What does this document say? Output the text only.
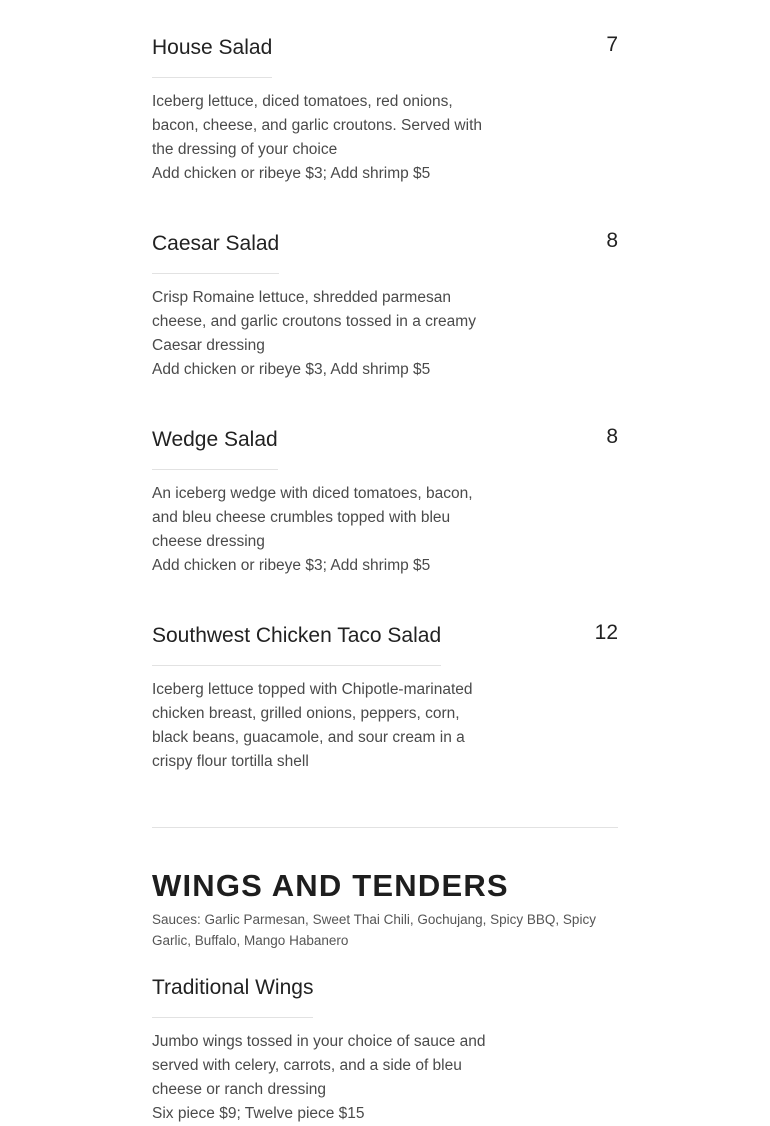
House Salad	7
Iceberg lettuce, diced tomatoes, red onions,
bacon, cheese, and garlic croutons. Served with
the dressing of your choice
Add chicken or ribeye $3; Add shrimp $5
Caesar Salad	8
Crisp Romaine lettuce, shredded parmesan
cheese, and garlic croutons tossed in a creamy
Caesar dressing
Add chicken or ribeye $3, Add shrimp $5
Wedge Salad	8
An iceberg wedge with diced tomatoes, bacon,
and bleu cheese crumbles topped with bleu
cheese dressing
Add chicken or ribeye $3; Add shrimp $5
Southwest Chicken Taco Salad	12
Iceberg lettuce topped with Chipotle-marinated
chicken breast, grilled onions, peppers, corn,
black beans, guacamole, and sour cream in a
crispy flour tortilla shell
WINGS AND TENDERS
Sauces: Garlic Parmesan, Sweet Thai Chili, Gochujang, Spicy BBQ, Spicy
Garlic, Buffalo, Mango Habanero
Traditional Wings
Jumbo wings tossed in your choice of sauce and
served with celery, carrots, and a side of bleu
cheese or ranch dressing
Six piece $9; Twelve piece $15
